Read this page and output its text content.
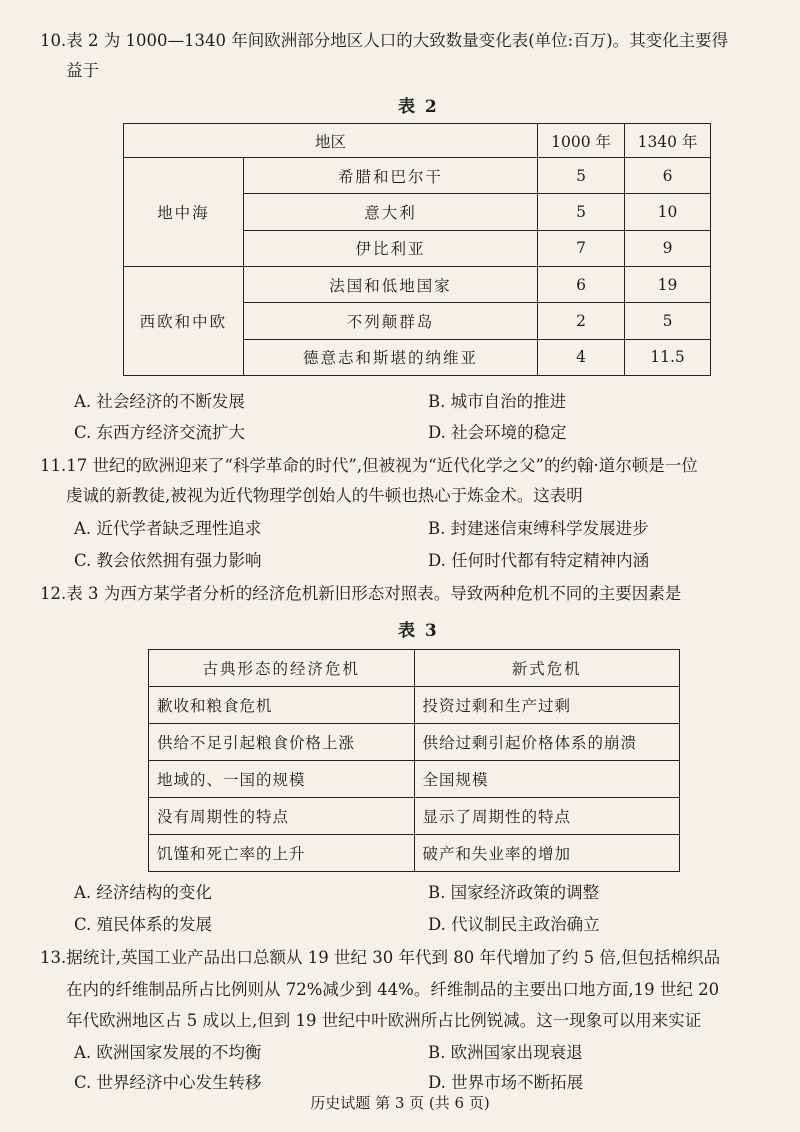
10.表 2 为 1000—1340 年间欧洲部分地区人口的大致数量变化表(单位:百万)。其变化主要得
益于
表 2
地区		1000 年	1340 年
地中海	希腊和巴尔干	5	6
	意大利	5	10
	伊比利亚	7	9
西欧和中欧	法国和低地国家	6	19
	不列颠群岛	2	5
	德意志和斯堪的纳维亚	4	11.5
A. 社会经济的不断发展	B. 城市自治的推进
C. 东西方经济交流扩大	D. 社会环境的稳定
11.17 世纪的欧洲迎来了“科学革命的时代”,但被视为“近代化学之父”的约翰·道尔顿是一位
虔诚的新教徒,被视为近代物理学创始人的牛顿也热心于炼金术。这表明
A. 近代学者缺乏理性追求	B. 封建迷信束缚科学发展进步
C. 教会依然拥有强力影响	D. 任何时代都有特定精神内涵
12.表 3 为西方某学者分析的经济危机新旧形态对照表。导致两种危机不同的主要因素是
表 3
古典形态的经济危机	新式危机
歉收和粮食危机	投资过剩和生产过剩
供给不足引起粮食价格上涨	供给过剩引起价格体系的崩溃
地域的、一国的规模	全国规模
没有周期性的特点	显示了周期性的特点
饥馑和死亡率的上升	破产和失业率的增加
A. 经济结构的变化	B. 国家经济政策的调整
C. 殖民体系的发展	D. 代议制民主政治确立
13.据统计,英国工业产品出口总额从 19 世纪 30 年代到 80 年代增加了约 5 倍,但包括棉织品
在内的纤维制品所占比例则从 72%减少到 44%。纤维制品的主要出口地方面,19 世纪 20
年代欧洲地区占 5 成以上,但到 19 世纪中叶欧洲所占比例锐减。这一现象可以用来实证
A. 欧洲国家发展的不均衡	B. 欧洲国家出现衰退
C. 世界经济中心发生转移	D. 世界市场不断拓展
历史试题 第 3 页 (共 6 页)
